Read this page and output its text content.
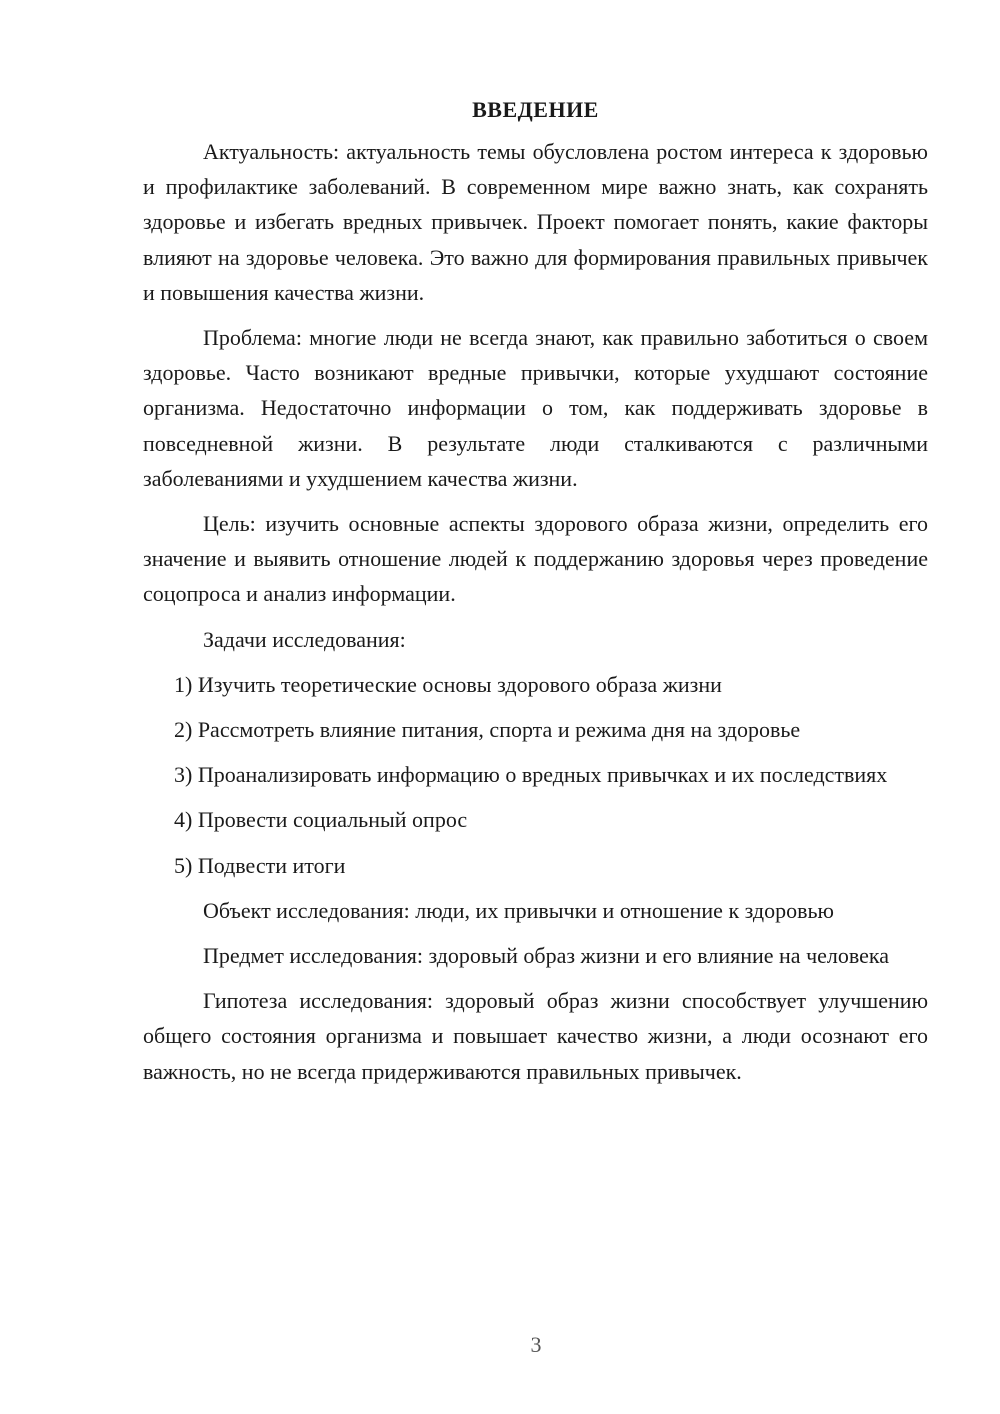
ВВЕДЕНИЕ

Актуальность: актуальность темы обусловлена ростом интереса к здоровью и профилактике заболеваний. В современном мире важно знать, как сохранять здоровье и избегать вредных привычек. Проект помогает понять, какие факторы влияют на здоровье человека. Это важно для формирования правильных привычек и повышения качества жизни.

Проблема: многие люди не всегда знают, как правильно заботиться о своем здоровье. Часто возникают вредные привычки, которые ухудшают состояние организма. Недостаточно информации о том, как поддерживать здоровье в повседневной жизни. В результате люди сталкиваются с различными заболеваниями и ухудшением качества жизни.

Цель: изучить основные аспекты здорового образа жизни, определить его значение и выявить отношение людей к поддержанию здоровья через проведение соцопроса и анализ информации.

Задачи исследования:

1) Изучить теоретические основы здорового образа жизни

2) Рассмотреть влияние питания, спорта и режима дня на здоровье

3) Проанализировать информацию о вредных привычках и их последствиях

4) Провести социальный опрос

5) Подвести итоги

Объект исследования: люди, их привычки и отношение к здоровью

Предмет исследования: здоровый образ жизни и его влияние на человека

Гипотеза исследования: здоровый образ жизни способствует улучшению общего состояния организма и повышает качество жизни, а люди осознают его важность, но не всегда придерживаются правильных привычек.

3
